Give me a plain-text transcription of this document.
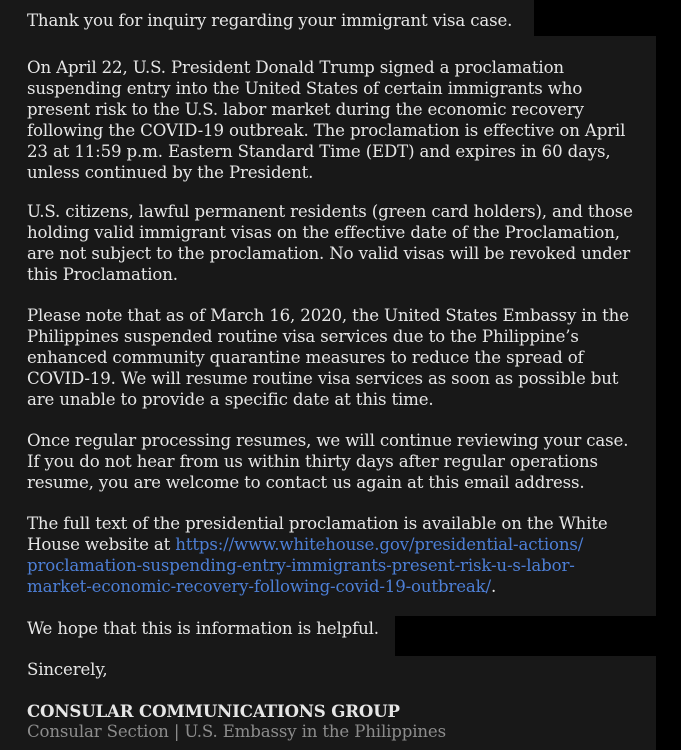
Thank you for inquiry regarding your immigrant visa case.
On April 22, U.S. President Donald Trump signed a proclamation
suspending entry into the United States of certain immigrants who
present risk to the U.S. labor market during the economic recovery
following the COVID-19 outbreak. The proclamation is effective on April
23 at 11:59 p.m. Eastern Standard Time (EDT) and expires in 60 days,
unless continued by the President.
U.S. citizens, lawful permanent residents (green card holders), and those
holding valid immigrant visas on the effective date of the Proclamation,
are not subject to the proclamation. No valid visas will be revoked under
this Proclamation.
Please note that as of March 16, 2020, the United States Embassy in the
Philippines suspended routine visa services due to the Philippine’s
enhanced community quarantine measures to reduce the spread of
COVID-19. We will resume routine visa services as soon as possible but
are unable to provide a specific date at this time.
Once regular processing resumes, we will continue reviewing your case.
If you do not hear from us within thirty days after regular operations
resume, you are welcome to contact us again at this email address.
The full text of the presidential proclamation is available on the White
House website at https://www.whitehouse.gov/presidential-actions/
proclamation-suspending-entry-immigrants-present-risk-u-s-labor-
market-economic-recovery-following-covid-19-outbreak/.
We hope that this is information is helpful.
Sincerely,
CONSULAR COMMUNICATIONS GROUP
Consular Section | U.S. Embassy in the Philippines
